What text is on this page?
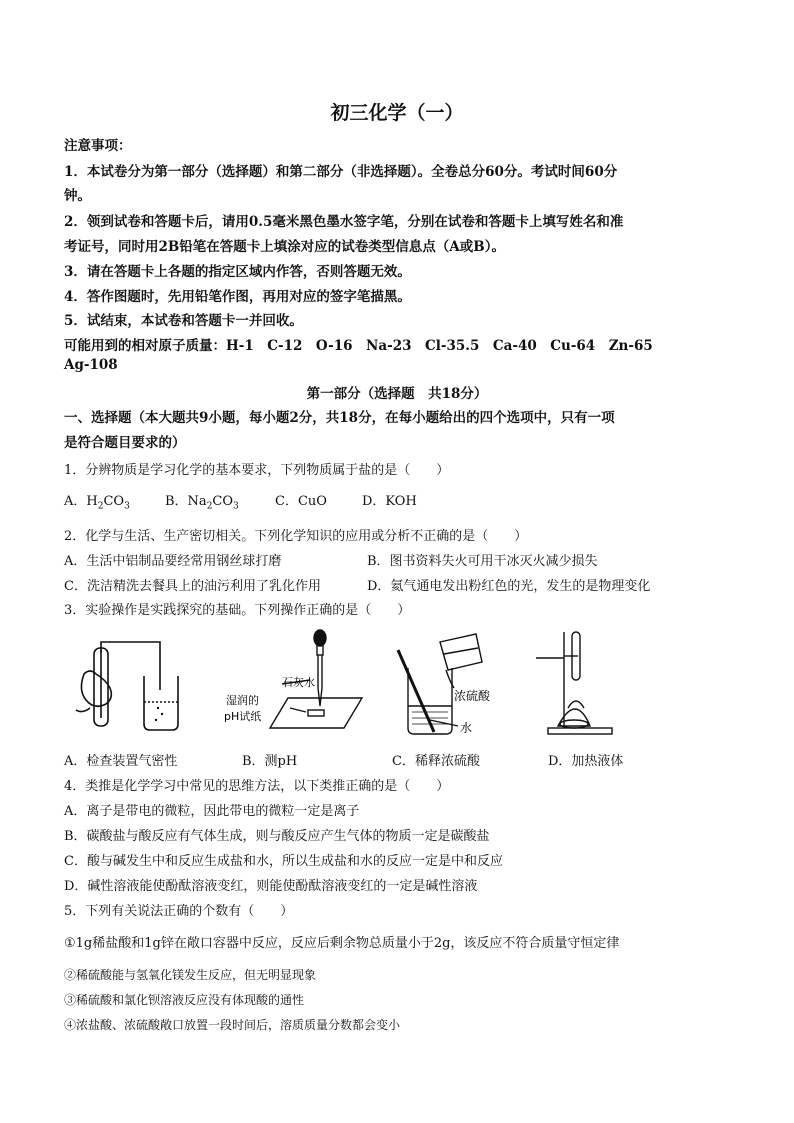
初三化学（一）
注意事项：
1．本试卷分为第一部分（选择题）和第二部分（非选择题）。全卷总分60分。考试时间60分
钟。
2．领到试卷和答题卡后，请用0.5毫米黑色墨水签字笔，分别在试卷和答题卡上填写姓名和准
考证号，同时用2B铅笔在答题卡上填涂对应的试卷类型信息点（A或B）。
3．请在答题卡上各题的指定区域内作答，否则答题无效。
4．答作图题时，先用铅笔作图，再用对应的签字笔描黑。
5．试结束，本试卷和答题卡一并回收。
可能用到的相对原子质量：H-1　C-12　O-16　Na-23　Cl-35.5　Ca-40　Cu-64　Zn-65
Ag-108
第一部分（选择题　共18分）
一、选择题（本大题共9小题，每小题2分，共18分，在每小题给出的四个选项中，只有一项
是符合题目要求的）
1．分辨物质是学习化学的基本要求，下列物质属于盐的是（　　）
A．$H_2CO_3$	B．$Na_2CO_3$	C．CuO	D．KOH
2．化学与生活、生产密切相关。下列化学知识的应用或分析不正确的是（　　）
A．生活中铝制品要经常用钢丝球打磨	B．图书资料失火可用干冰灭火减少损失
C．洗洁精洗去餐具上的油污利用了乳化作用	D．氦气通电发出粉红色的光，发生的是物理变化
3．实验操作是实践探究的基础。下列操作正确的是（　　）
石灰水
湿润的
pH试纸
浓硫酸
水
A．检查装置气密性	B．测pH	C．稀释浓硫酸	D．加热液体
4．类推是化学学习中常见的思维方法，以下类推正确的是（　　）
A．离子是带电的微粒，因此带电的微粒一定是离子
B．碳酸盐与酸反应有气体生成，则与酸反应产生气体的物质一定是碳酸盐
C．酸与碱发生中和反应生成盐和水，所以生成盐和水的反应一定是中和反应
D．碱性溶液能使酚酞溶液变红，则能使酚酞溶液变红的一定是碱性溶液
5．下列有关说法正确的个数有（　　）
①1g稀盐酸和1g锌在敞口容器中反应，反应后剩余物总质量小于2g，该反应不符合质量守恒定律
②稀硫酸能与氢氧化镁发生反应，但无明显现象
③稀硫酸和氯化钡溶液反应没有体现酸的通性
④浓盐酸、浓硫酸敞口放置一段时间后，溶质质量分数都会变小
